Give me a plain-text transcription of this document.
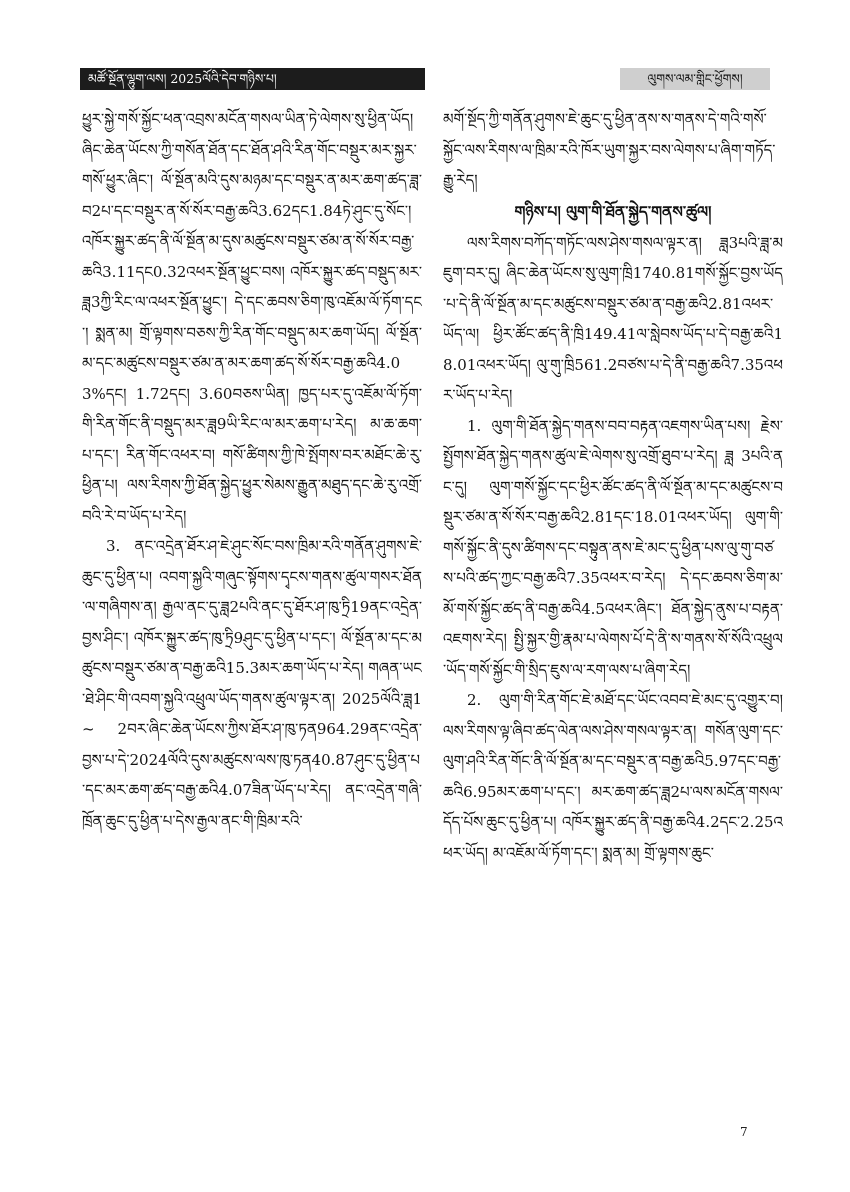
མཚོ་སྔོན་ལྷུག་ལས། 2025ལོའི་དེབ་གཉིས་པ།	ལུགས་ལམ་གླིང་ཕྱོགས།

ཕྱུར་སྐྱེ་གསོ་སྐྱོང་ཕན་འབྲས་མངོན་གསལ་ཡིན་ཏེ་ལེགས་སུ་ཕྱིན་ཡོད། ཞིང་ཆེན་ཡོངས་ཀྱི་གསོན་ཐོན་དང་ཐོན་ཤའི་རིན་གོང་བསྡུར་མར་སྐྱར་གསོ་ཕྱུར་ཞིང་། ལོ་སྔོན་མའི་དུས་མཉམ་དང་བསྡུར་ན་མར་ཆག་ཚད་ཟླ་བ2པ་དང་བསྡུར་ན་སོ་སོར་བརྒྱ་ཆའི3.62དང1.84ཏེ་ཤུང་དུ་སོང་། འཁོར་སྐྱུར་ཚད་ནི་ལོ་སྔོན་མ་དུས་མཚུངས་བསྡུར་ཙམ་ན་སོ་སོར་བརྒྱ་ཆའི3.11དང0.32འཕར་སྔོན་ཕྱུང་བས། འཁོར་སྐྱུར་ཚད་བསྡུད་མར་ཟླ3ཀྱི་རིང་ལ་འཕར་སྔོན་ཕྱུང་། དེ་དང་ཆབས་ཅིག་ཁུ་འཇོམ་ལོ་ཏོག་དང་། སྨན་མ། གྲོ་ལྟགས་བཅས་ཀྱི་རིན་གོང་བསྡུད་མར་ཆག་ཡོད། ལོ་སྔོན་མ་དང་མཚུངས་བསྡུར་ཙམ་ན་མར་ཆག་ཚད་སོ་སོར་བརྒྱ་ཆའི4.03%དང། 1.72དང། 3.60བཅས་ཡིན། ཁྱད་པར་དུ་འཇོམ་ལོ་ཏོག་གི་རིན་གོང་ནི་བསྡུད་མར་ཟླ9ཡི་རིང་ལ་མར་ཆག་པ་རེད། མ་ཆ་ཆག་པ་དང་། རིན་གོང་འཕར་བ། གསོ་ཚིགས་ཀྱི་ཁེ་སྤོགས་བར་མཐོང་ཆེ་རུ་ཕྱིན་པ། ལས་རིགས་ཀྱི་ཐོན་སྐྱེད་ཕྱུར་སེམས་རྒྱུན་མཐུད་དང་ཆེ་རུ་འགྲོ་བའི་རེ་བ་ཡོད་པ་རེད།

3. ནང་འདྲེན་ཐོར་ཤ་ཇེ་ཤུང་སོང་བས་ཁྲིམ་རའི་གནོན་ཤུགས་ཇེ་ཆུང་དུ་ཕྱིན་པ། འབག་སྐྱའི་གཞུང་སྟོགས་དྭངས་གནས་ཚུལ་གསར་ཐོན་ལ་གཞིགས་ན། རྒྱལ་ནང་དུ་ཟླ2པའི་ནང་དུ་ཐོར་ཤ་ཁུ་ཏྲི19ནང་འདྲེན་བྱས་ཤིང་། འཁོར་སྐྱུར་ཚད་ཁུ་ཏྲི9ཤུང་དུ་ཕྱིན་པ་དང་། ལོ་སྔོན་མ་དང་མཚུངས་བསྡུར་ཙམ་ན་བརྒྱ་ཆའི15.3མར་ཆག་ཡོད་པ་རེད། གཞན་ཡང་ཐེ་ཤིང་གི་འབག་སྐྱའི་འཕྲུལ་ཡོད་གནས་ཚུལ་ལྟར་ན། 2025ལོའི་ཟླ1 ~ 2བར་ཞིང་ཆེན་ཡོངས་ཀྱིས་ཐོར་ཤ་ཁུ་ཏན964.29ནང་འདྲེན་བྱས་པ་དེ་2024ལོའི་དུས་མཚུངས་ལས་ཁུ་ཏན40.87ཤུང་དུ་ཕྱིན་པ་དང་མར་ཆག་ཚད་བརྒྱ་ཆའི4.07ཟིན་ཡོད་པ་རེད། ནང་འདྲེན་གཞི་ཁྲོན་ཆུང་དུ་ཕྱིན་པ་དེས་རྒྱལ་ནང་གི་ཁྲིམ་རའི་

མགོ་སྔོད་ཀྱི་གནོན་ཤུགས་ཇེ་ཆུང་དུ་ཕྱིན་ནས་ས་གནས་དེ་གའི་གསོ་སྐྱོང་ལས་རིགས་ལ་ཁྲིམ་རའི་ཁོར་ཡུག་སྐྱར་བས་ལེགས་པ་ཞིག་གཏོད་རྒྱུ་རེད།

གཉིས་པ། ལུག་གི་ཐོན་སྐྱེད་གནས་ཚུལ།

ལས་རིགས་བཀོད་གཏོང་ལས་ཤེས་གསལ་ལྟར་ན། ཟླ3པའི་ཟླ་མཇུག་བར་དུ། ཞིང་ཆེན་ཡོངས་སུ་ལུག་ཁྲི1740.81གསོ་སྐྱོང་བྱས་ཡོད་པ་དེ་ནི་ལོ་སྔོན་མ་དང་མཚུངས་བསྡུར་ཙམ་ན་བརྒྱ་ཆའི2.81འཕར་ཡོད་ལ། ཕྱིར་ཚོང་ཚད་ནི་ཁྲི149.41ལ་སླེབས་ཡོད་པ་དེ་བརྒྱ་ཆའི18.01འཕར་ཡོད། ལུ་གུ་ཁྲི561.2བཙས་པ་དེ་ནི་བརྒྱ་ཆའི7.35འཕར་ཡོད་པ་རེད།

1. ལུག་གི་ཐོན་སྐྱེད་གནས་བབ་བརྟན་འཇགས་ཡིན་པས། རྗེས་སྤྱོགས་ཐོན་སྐྱེད་གནས་ཚུལ་ཇེ་ལེགས་སུ་འགྲོ་ཐུབ་པ་རེད། ཟླ 3པའི་ནང་དུ། ལུག་གསོ་སྐྱོང་དང་ཕྱིར་ཚོང་ཚད་ནི་ལོ་སྔོན་མ་དང་མཚུངས་བསྡུར་ཙམ་ན་སོ་སོར་བརྒྱ་ཆའི2.81དང་18.01འཕར་ཡོད། ལུག་གི་གསོ་སྐྱོང་ནི་དུས་ཚིགས་དང་བསྟུན་ནས་ཇེ་མང་དུ་ཕྱིན་པས་ལུ་གུ་བཙས་པའི་ཚད་ཀྱང་བརྒྱ་ཆའི7.35འཕར་བ་རེད། དེ་དང་ཆབས་ཅིག་མ་མོ་གསོ་སྐྱོང་ཚད་ནི་བརྒྱ་ཆའི4.5འཕར་ཞིང་། ཐོན་སྐྱེད་ནུས་པ་བརྟན་འཇགས་རེད། སྤྱི་སྐྱར་གྱི་རྣམ་པ་ལེགས་པོ་དེ་ནི་ས་གནས་སོ་སོའི་འཕྲུལ་ཡོད་གསོ་སྐྱོང་གི་སྲིད་ཇུས་ལ་རག་ལས་པ་ཞིག་རེད།

2. ལུག་གི་རིན་གོང་ཇེ་མཐོ་དང་ཡོང་འབབ་ཇེ་མང་དུ་འགྱུར་བ། ལས་རིགས་ལྟ་ཞིབ་ཚད་ལེན་ལས་ཤེས་གསལ་ལྟར་ན། གསོན་ལུག་དང་ལུག་ཤའི་རིན་གོང་ནི་ལོ་སྔོན་མ་དང་བསྡུར་ན་བརྒྱ་ཆའི5.97དང་བརྒྱ་ཆའི6.95མར་ཆག་པ་དང་། མར་ཆག་ཚད་ཟླ2པ་ལས་མངོན་གསལ་དོད་པོས་ཆུང་དུ་ཕྱིན་པ། འཁོར་སྐྱུར་ཚད་ནི་བརྒྱ་ཆའི4.2དང་2.25འཕར་ཡོད། མ་འཇོམ་ལོ་ཏོག་དང་། སྨན་མ། གྲོ་ལྟགས་ཆུང་

7
